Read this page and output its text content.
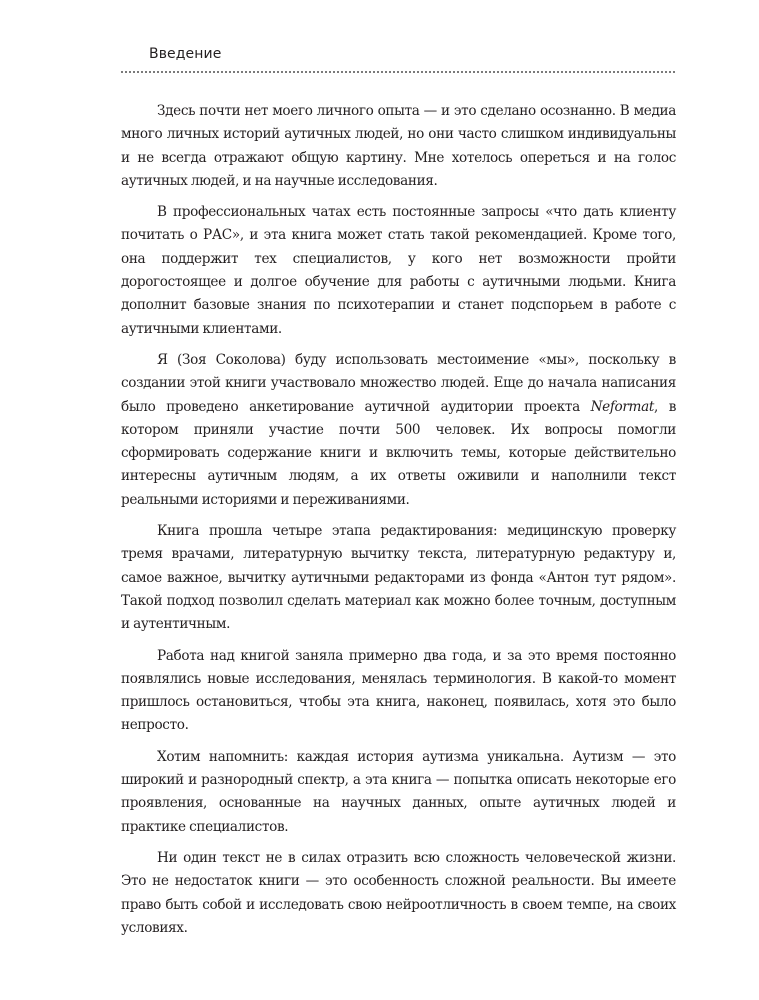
Введение

Здесь почти нет моего личного опыта — и это сделано осознанно. В медиа много личных историй аутичных людей, но они часто слишком индивидуальны и не всегда отражают общую картину. Мне хотелось опереться и на голос аутичных людей, и на научные исследования.

В профессиональных чатах есть постоянные запросы «что дать клиенту почитать о РАС», и эта книга может стать такой рекомендацией. Кроме того, она поддержит тех специалистов, у кого нет возможности пройти дорогостоящее и долгое обучение для работы с аутичными людьми. Книга дополнит базовые знания по психотерапии и станет подспорьем в работе с аутичными клиентами.

Я (Зоя Соколова) буду использовать местоимение «мы», поскольку в создании этой книги участвовало множество людей. Еще до начала написания было проведено анкетирование аутичной аудитории проекта Neformat, в котором приняли участие почти 500 человек. Их вопросы помогли сформировать содержание книги и включить темы, которые действительно интересны аутичным людям, а их ответы оживили и наполнили текст реальными историями и переживаниями.

Книга прошла четыре этапа редактирования: медицинскую проверку тремя врачами, литературную вычитку текста, литературную редактуру и, самое важное, вычитку аутичными редакторами из фонда «Антон тут рядом». Такой подход позволил сделать материал как можно более точным, доступным и аутентичным.

Работа над книгой заняла примерно два года, и за это время постоянно появлялись новые исследования, менялась терминология. В какой-то момент пришлось остановиться, чтобы эта книга, наконец, появилась, хотя это было непросто.

Хотим напомнить: каждая история аутизма уникальна. Аутизм — это широкий и разнородный спектр, а эта книга — попытка описать некоторые его проявления, основанные на научных данных, опыте аутичных людей и практике специалистов.

Ни один текст не в силах отразить всю сложность человеческой жизни. Это не недостаток книги — это особенность сложной реальности. Вы имеете право быть собой и исследовать свою нейроотличность в своем темпе, на своих условиях.
